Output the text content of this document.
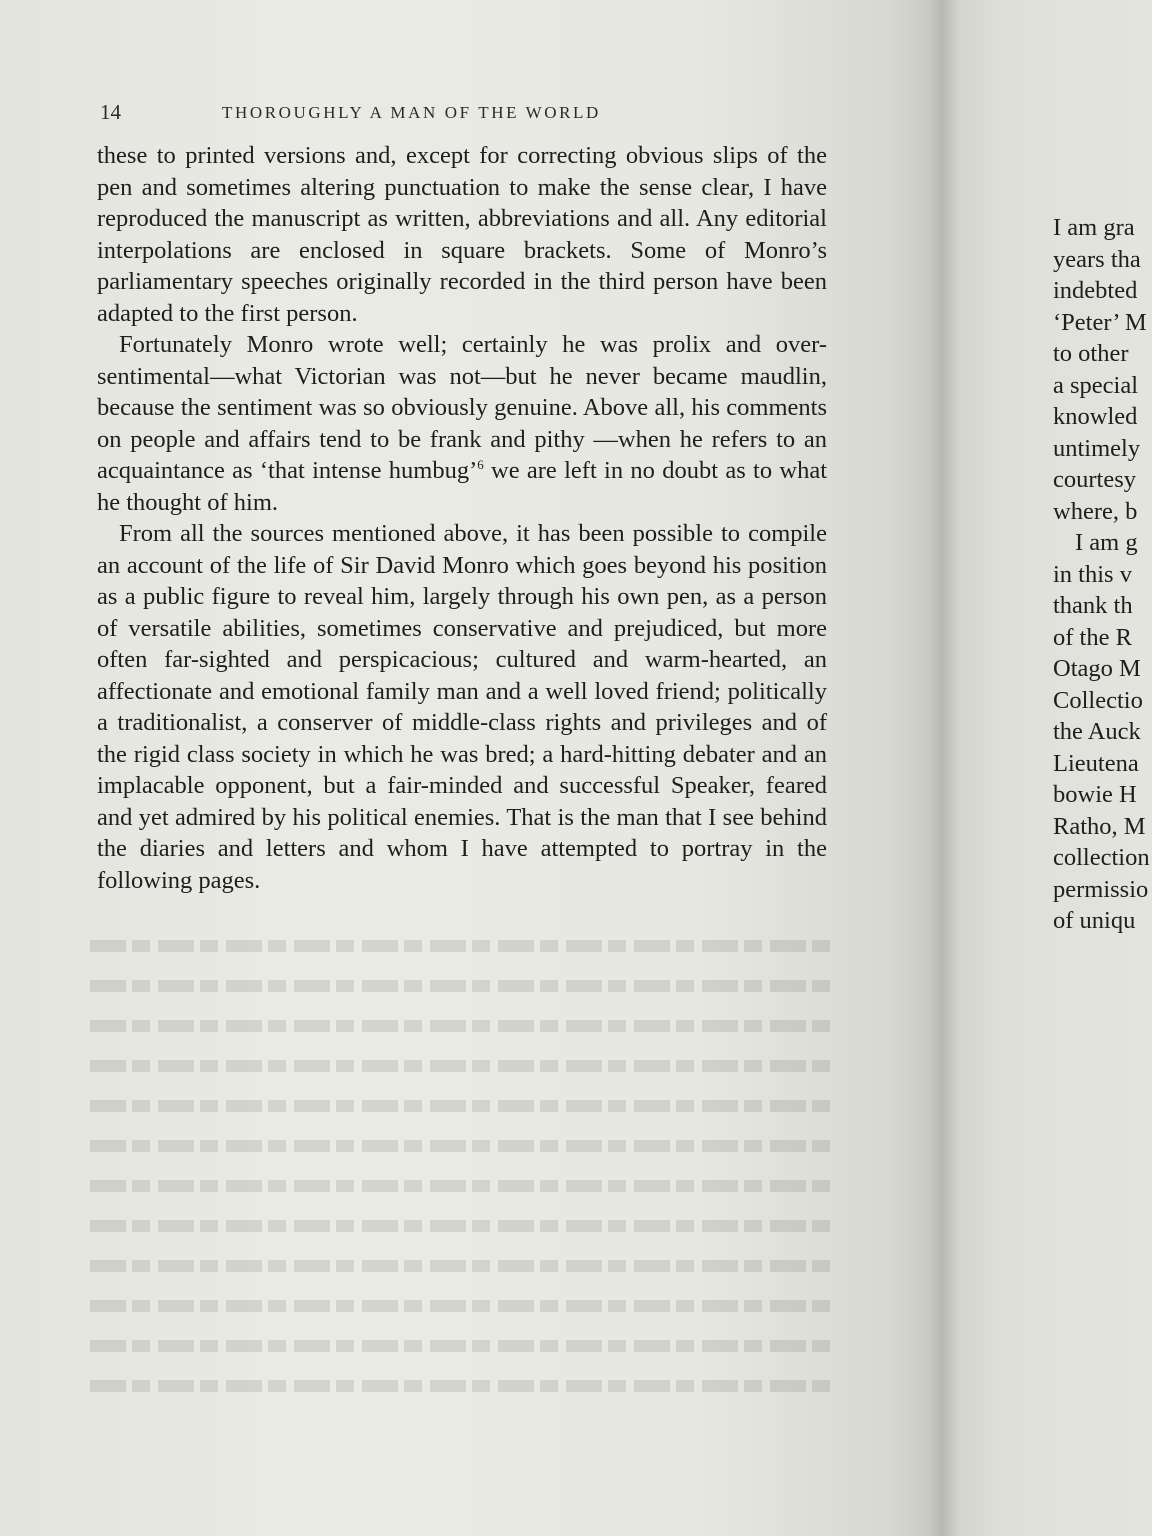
14	THOROUGHLY A MAN OF THE WORLD

these to printed versions and, except for correcting obvious slips of the pen and sometimes altering punctuation to make the sense clear, I have reproduced the manuscript as written, abbreviations and all. Any editorial interpolations are enclosed in square brackets. Some of Monro’s parliamentary speeches originally recorded in the third person have been adapted to the first person.

Fortunately Monro wrote well; certainly he was prolix and over-sentimental—what Victorian was not—but he never became maudlin, because the sentiment was so obviously genuine. Above all, his comments on people and affairs tend to be frank and pithy —when he refers to an acquaintance as ‘that intense humbug’$^6$ we are left in no doubt as to what he thought of him.

From all the sources mentioned above, it has been possible to compile an account of the life of Sir David Monro which goes beyond his position as a public figure to reveal him, largely through his own pen, as a person of versatile abilities, sometimes conservative and prejudiced, but more often far-sighted and perspicacious; cultured and warm-hearted, an affectionate and emotional family man and a well loved friend; politically a traditionalist, a conserver of middle-class rights and privileges and of the rigid class society in which he was bred; a hard-hitting debater and an implacable opponent, but a fair-minded and successful Speaker, feared and yet admired by his political enemies. That is the man that I see behind the diaries and letters and whom I have attempted to portray in the following pages.

I am gra
years tha
indebted
‘Peter’ M
to other
a special
knowled
untimely
courtesy
where, b
I am g
in this v
thank th
of the R
Otago M
Collectio
the Auck
Lieutena
bowie H
Ratho, M
collection
permissio
of uniqu
